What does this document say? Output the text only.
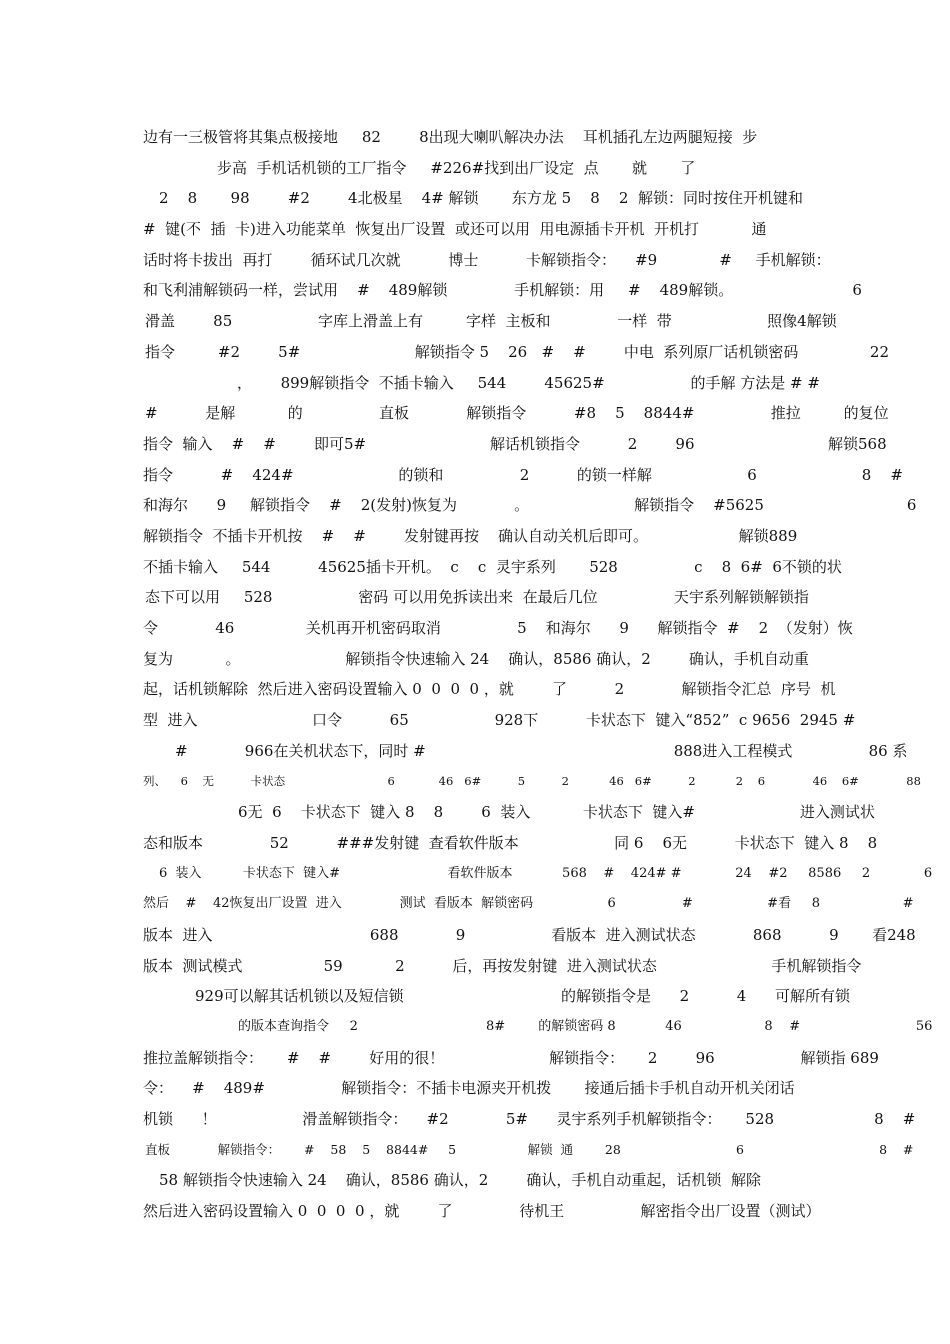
边有一三极管将其集点极接地     82        8出现大喇叭解决办法    耳机插孔左边两腿短接  步
步高  手机话机锁的工厂指令     #226#找到出厂设定  点       就       了
2    8       98        #2        4北极星    4# 解锁       东方龙 5    8    2  解锁：同时按住开机键和
#  键(不  插  卡)进入功能菜单  恢复出厂设置  或还可以用  用电源插卡开机  开机打           通
话时将卡拔出  再打        循环试几次就          博士          卡解锁指令：    #9             #     手机解锁：
和飞利浦解锁码一样，尝试用    #    489解锁              手机解锁：用     #    489解锁。                         6
滑盖        85                  字库上滑盖上有         字样  主板和              一样  带                    照像4解锁
指令         #2        5#                        解锁指令 5    26   #    #        中电  系列原厂话机锁密码               22
，      899解锁指令  不插卡输入     544        45625#                  的手解 方法是 # #
#          是解           的                直板            解锁指令          #8    5    8844#                推拉         的复位
指令  输入    #    #        即可5#                          解话机锁指令          2        96                            解锁568
指令          #    424#                      的锁和                2          的锁一样解                    6                      8    #
和海尔      9     解锁指令    #    2(发射)恢复为            。                      解锁指令    #5625                              6
解锁指令  不插卡开机按    #    #        发射键再按    确认自动关机后即可。                   解锁889
不插卡输入     544          45625插卡开机。  c    c  灵宇系列       528                c    8  6#  6不锁的状
态下可以用     528                  密码 可以用免拆读出来  在最后几位                天宇系列解锁解锁指
令            46               关机再开机密码取消                5    和海尔      9      解锁指令  #    2  （发射）恢
复为           。                      解锁指令快速输入 24    确认，8586 确认，2        确认，手机自动重
起，话机锁解除  然后进入密码设置输入 0  0  0  0 ，就        了          2            解锁指令汇总  序号  机
型  进入                        口令          65                  928下          卡状态下  键入“852”  c 9656  2945 #
#            966在关机状态下，同时 #                                                    888进入工程模式                86 系
列、    6    无          卡状态                            6            46   6#          5          2           46   6#          2           2    6             46    6#             88
6无  6    卡状态下  键入 8    8        6  装入           卡状态下  键入#                      进入测试状
态和版本              52          ###发射键  查看软件版本                    同 6    6无          卡状态下  键入 8    8
6  装入          卡状态下  键入#                          看软件版本            568    #    424# #             24    #2     8586     2             6
然后    #    42恢复出厂设置  进入              测试  看版本  解锁密码                  6                #                  #看     8                    #
版本  进入                                 688            9                  看版本  进入测试状态            868          9       看248
版本  测试模式                 59           2          后，再按发射键  进入测试状态                        手机解锁指令
929可以解其话机锁以及短信锁                                 的解锁指令是      2          4      可解所有锁
的版本查询指令     2                               8#        的解锁密码 8            46                    8    #                            56
推拉盖解锁指令：     #    #        好用的很！                      解锁指令：     2        96                  解锁指 689
令：    #    489#                解锁指令：不插卡电源夹开机拨       接通后插卡手机自动开机关闭话
机锁      ！                  滑盖解锁指令：    #2            5#      灵宇系列手机解锁指令：     528                     8    #
直板            解锁指令：      #    58    5    8844#     5                  解锁  通        28                             6                                  8    #
58 解锁指令快速输入 24    确认，8586 确认，2        确认，手机自动重起，话机锁  解除
然后进入密码设置输入 0  0  0  0 ，就        了              待机王                解密指令出厂设置（测试）
